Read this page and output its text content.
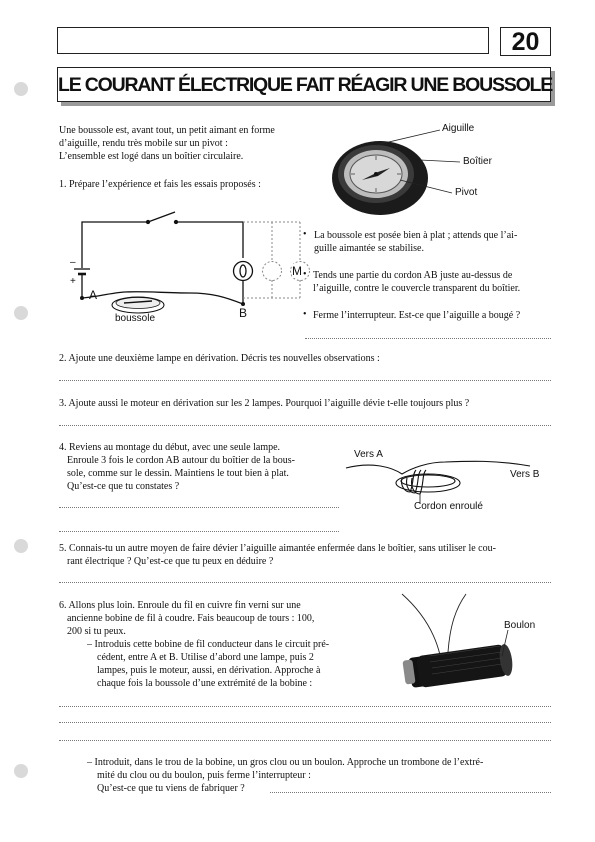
20
LE COURANT ÉLECTRIQUE FAIT RÉAGIR UNE BOUSSOLE
Une boussole est, avant tout, un petit aimant en forme
d’aiguille, rendu très mobile sur un pivot :
L’ensemble est logé dans un boîtier circulaire.
Aiguille
Boîtier
Pivot
1. Prépare l’expérience et fais les essais proposés :
–
+
A
B
M
boussole
• La boussole est posée bien à plat ; attends que l’ai-
guille aimantée se stabilise.
• Tends une partie du cordon AB juste au-dessus de
l’aiguille, contre le couvercle transparent du boîtier.
• Ferme l’interrupteur. Est-ce que l’aiguille a bougé ?
2. Ajoute une deuxième lampe en dérivation. Décris tes nouvelles observations :
3. Ajoute aussi le moteur en dérivation sur les 2 lampes. Pourquoi l’aiguille dévie t-elle toujours plus ?
4. Reviens au montage du début, avec une seule lampe.
Enroule 3 fois le cordon AB autour du boîtier de la bous-
sole, comme sur le dessin. Maintiens le tout bien à plat.
Qu’est-ce que tu constates ?
Vers A
Vers B
Cordon enroulé
5. Connais-tu un autre moyen de faire dévier l’aiguille aimantée enfermée dans le boîtier, sans utiliser le cou-
rant électrique ? Qu’est-ce que tu peux en déduire ?
6. Allons plus loin. Enroule du fil en cuivre fin verni sur une
ancienne bobine de fil à coudre. Fais beaucoup de tours : 100,
200 si tu peux.
– Introduis cette bobine de fil conducteur dans le circuit pré-
cédent, entre A et B. Utilise d’abord une lampe, puis 2
lampes, puis le moteur, aussi, en dérivation. Approche à
chaque fois la boussole d’une extrémité de la bobine :
Boulon
– Introduit, dans le trou de la bobine, un gros clou ou un boulon. Approche un trombone de l’extré-
mité du clou ou du boulon, puis ferme l’interrupteur :
Qu’est-ce que tu viens de fabriquer ?
